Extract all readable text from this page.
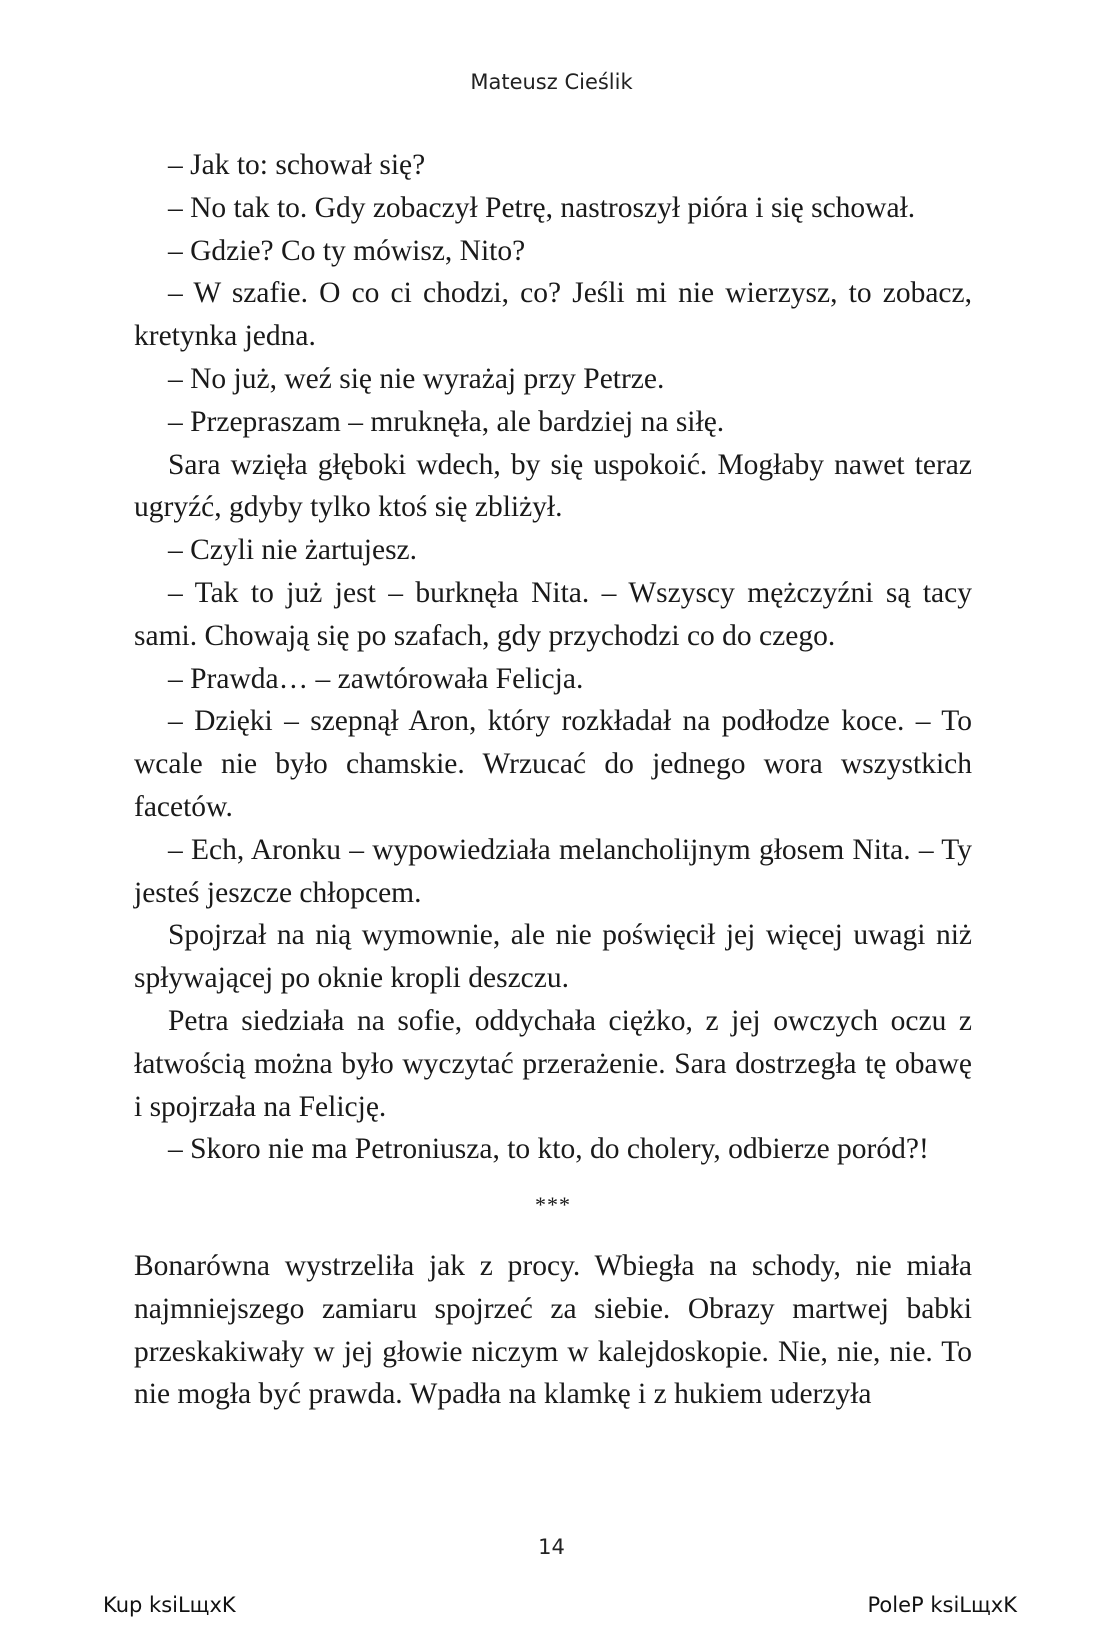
Mateusz Cieślik

– Jak to: schował się?

– No tak to. Gdy zobaczył Petrę, nastroszył pióra i się schował.

– Gdzie? Co ty mówisz, Nito?

– W szafie. O co ci chodzi, co? Jeśli mi nie wierzysz, to zobacz, kretynka jedna.

– No już, weź się nie wyrażaj przy Petrze.

– Przepraszam – mruknęła, ale bardziej na siłę.

Sara wzięła głęboki wdech, by się uspokoić. Mogłaby nawet teraz ugryźć, gdyby tylko ktoś się zbliżył.

– Czyli nie żartujesz.

– Tak to już jest – burknęła Nita. – Wszyscy mężczyźni są tacy sami. Chowają się po szafach, gdy przychodzi co do czego.

– Prawda… – zawtórowała Felicja.

– Dzięki – szepnął Aron, który rozkładał na podłodze koce. – To wcale nie było chamskie. Wrzucać do jednego wora wszystkich facetów.

– Ech, Aronku – wypowiedziała melancholijnym głosem Nita. – Ty jesteś jeszcze chłopcem.

Spojrzał na nią wymownie, ale nie poświęcił jej więcej uwagi niż spływającej po oknie kropli deszczu.

Petra siedziała na sofie, oddychała ciężko, z jej owczych oczu z łatwością można było wyczytać przerażenie. Sara dostrzegła tę obawę i spojrzała na Felicję.

– Skoro nie ma Petroniusza, to kto, do cholery, odbierze poród?!

***

Bonarówna wystrzeliła jak z procy. Wbiegła na schody, nie miała najmniejszego zamiaru spojrzeć za siebie. Obrazy martwej babki przeskakiwały w jej głowie niczym w kalejdoskopie. Nie, nie, nie. To nie mogła być prawda. Wpadła na klamkę i z hukiem uderzyła

14
Kup ksiLщxK	PoleP ksiLщxK
